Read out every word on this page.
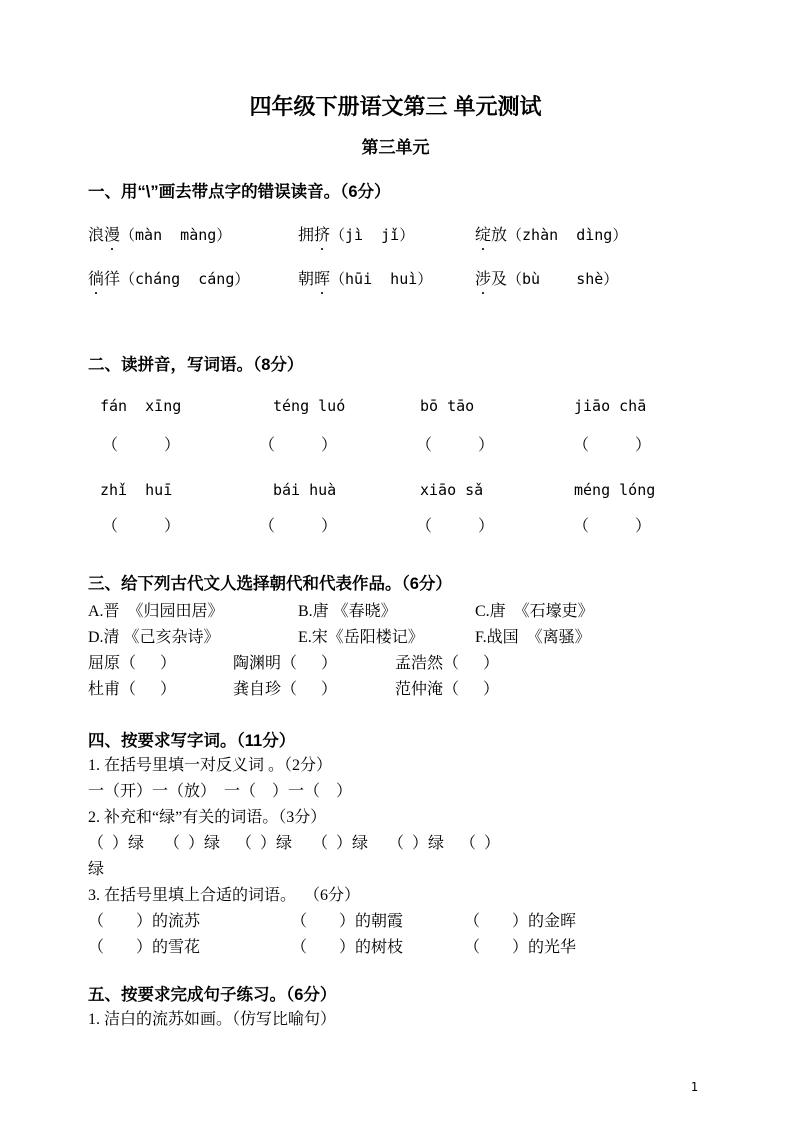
四年级下册语文第三 单元测试
第三单元
一、用“\”画去带点字的错误读音。（6分）
浪漫（màn  màng）	拥挤（jì  jǐ）	绽放（zhàn  dìng）
徜徉（cháng  cáng）	朝晖（hūi  huì）	涉及（bù    shè）
二、读拼音，写词语。（8分）
fán  xīng	téng luó	bō tāo	jiāo chā
（	）	（	）	（	）	（	）
zhǐ  huī	bái huà	xiāo sǎ	méng lóng
（	）	（	）	（	）	（	）
三、给下列古代文人选择朝代和代表作品。（6分）
A.晋  《归园田居》	B.唐 《春晓》	C.唐  《石壕吏》
D.清 《己亥杂诗》	E.宋《岳阳楼记》	F.战国  《离骚》
屈原（      ）	陶渊明（      ）	孟浩然（      ）
杜甫（      ）	龚自珍（      ）	范仲淹（      ）
四、按要求写字词。（11分）
1. 在括号里填一对反义词 。（2分）
一（开）一（放）  一（    ）一（    ）
2. 补充和“绿”有关的词语。（3分）
（  ）绿     （  ）绿    （  ）绿     （  ）绿     （  ）绿    （  ）
绿
3. 在括号里填上合适的词语。  （6分）
（        ）的流苏	（        ）的朝霞	（        ）的金晖
（        ）的雪花	（        ）的树枝	（        ）的光华
五、按要求完成句子练习。（6分）
1. 洁白的流苏如画。（仿写比喻句）
1
